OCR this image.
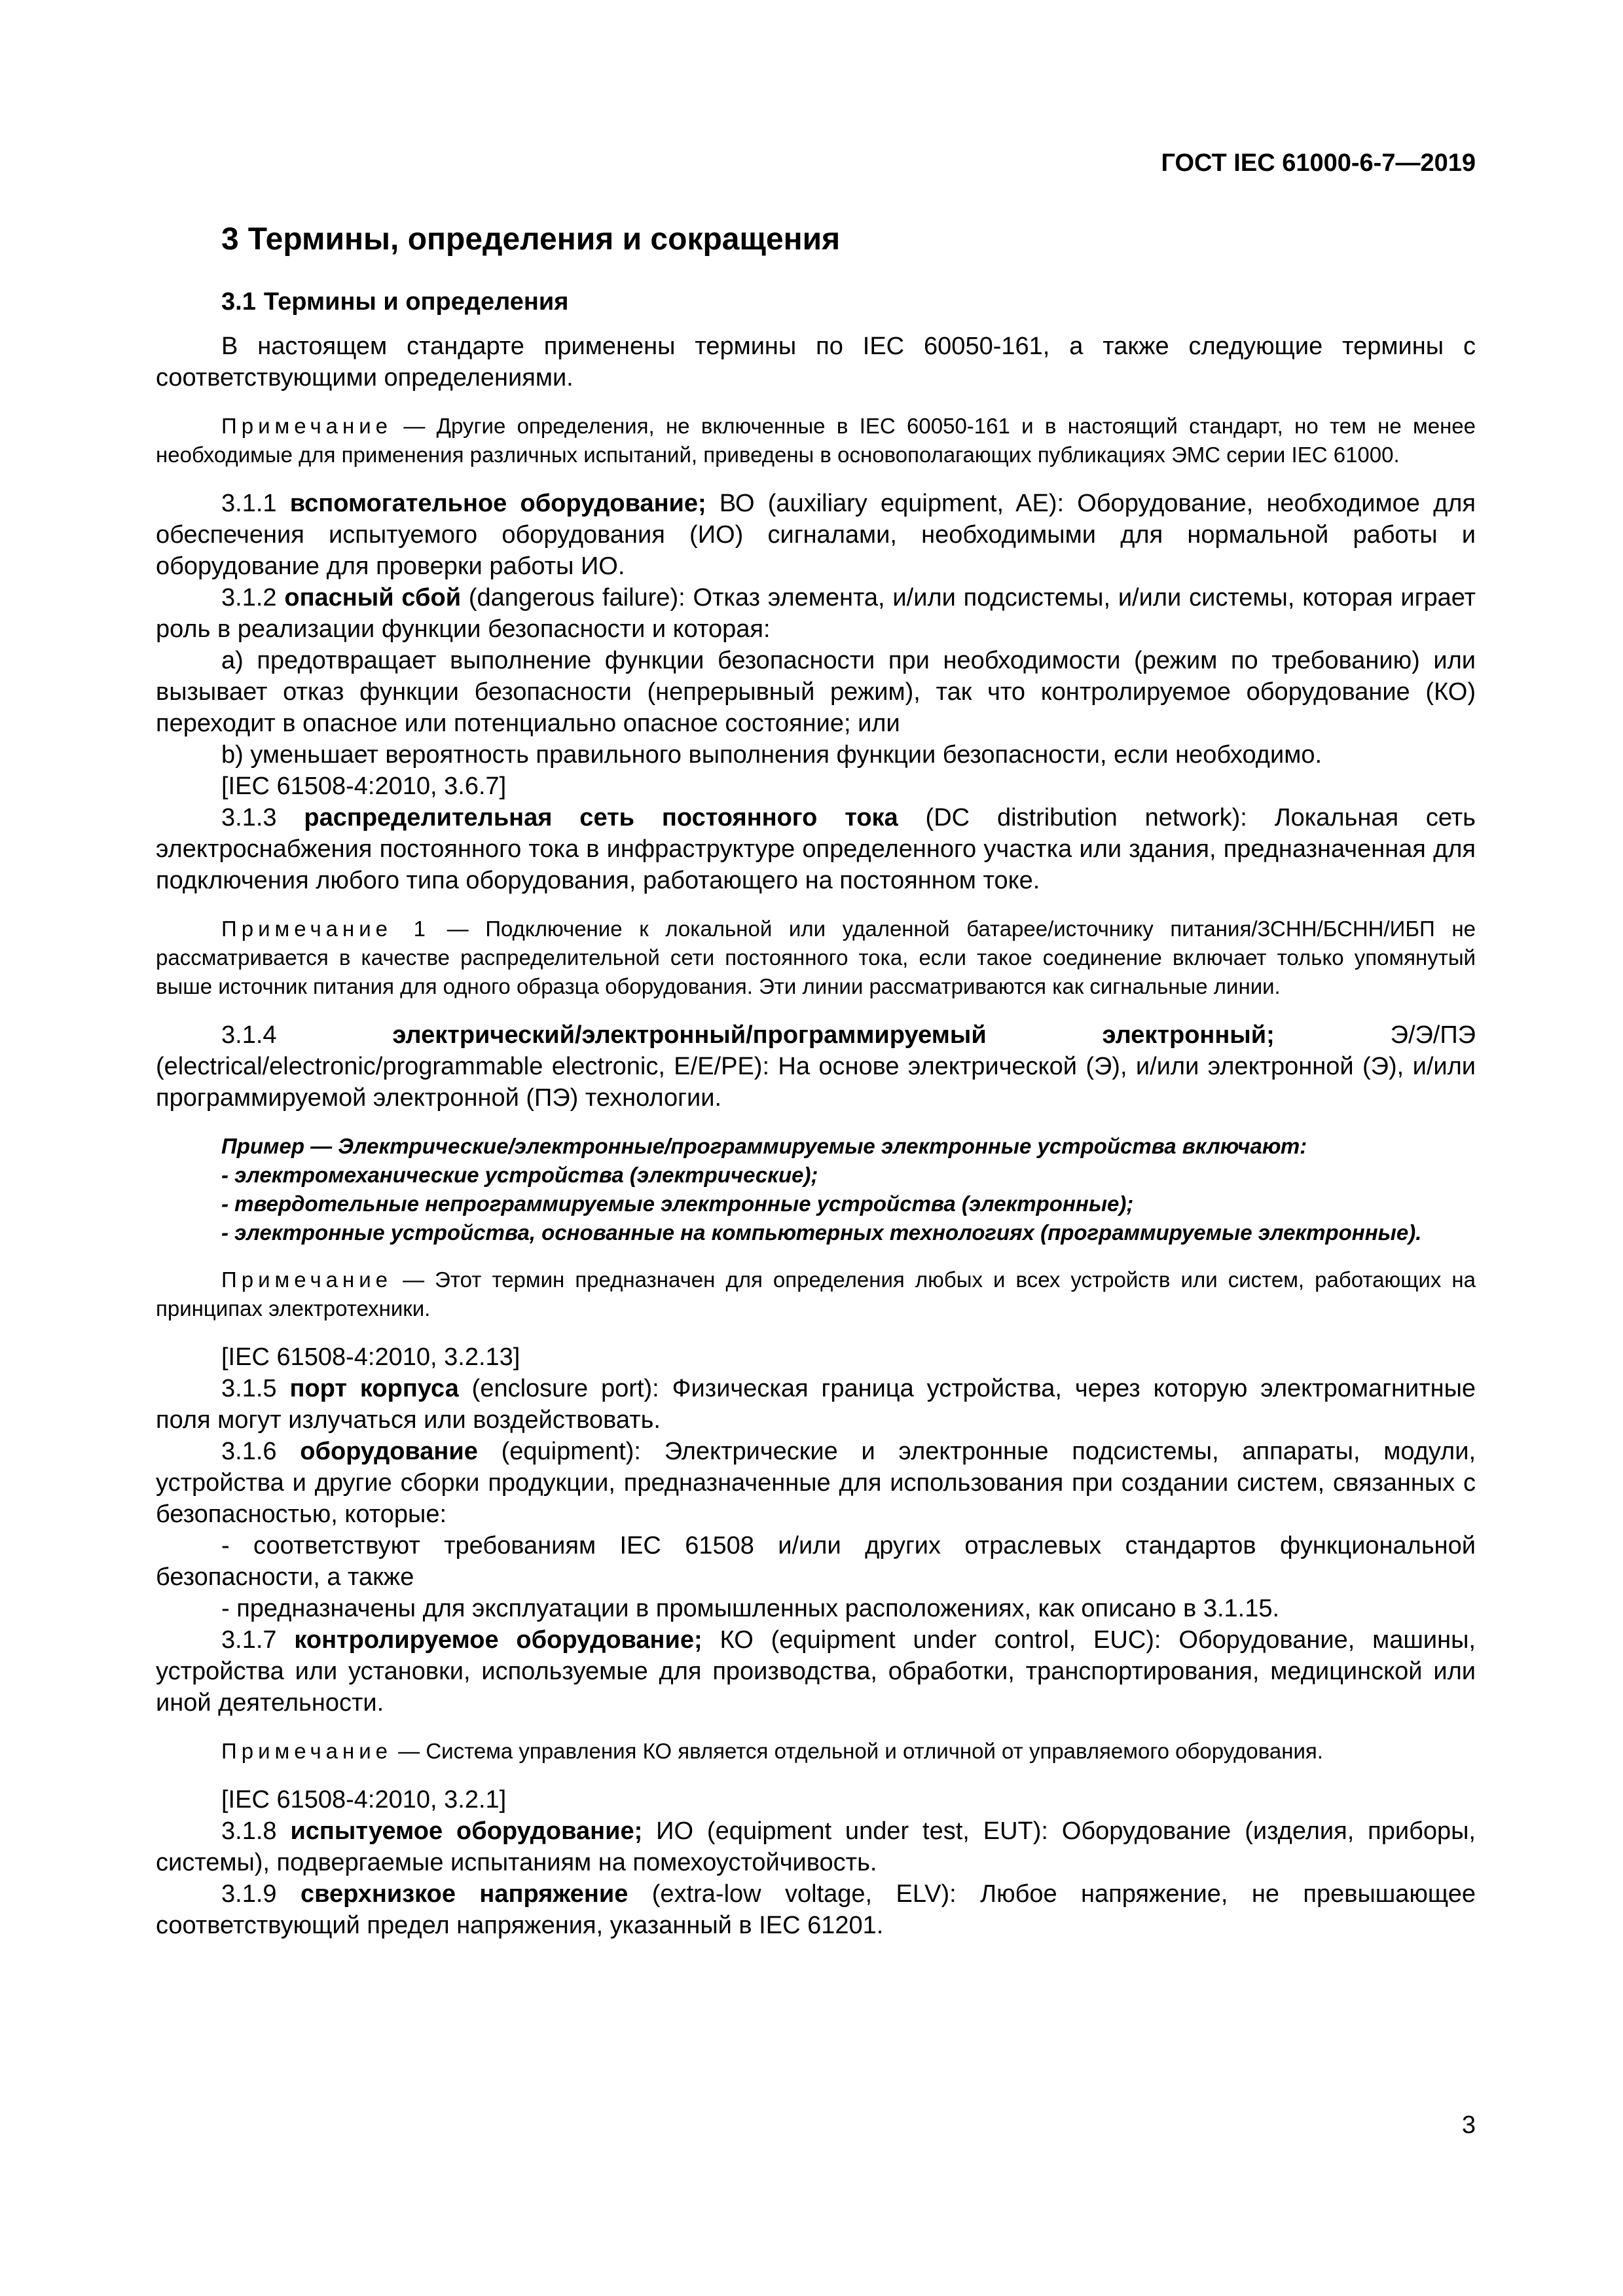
ГОСТ IEC 61000-6-7—2019
3 Термины, определения и сокращения
3.1 Термины и определения

В настоящем стандарте применены термины по IEC 60050-161, а также следующие термины с соответствующими определениями.

Примечание — Другие определения, не включенные в IEC 60050-161 и в настоящий стандарт, но тем не менее необходимые для применения различных испытаний, приведены в основополагающих публикациях ЭМС серии IEC 61000.

3.1.1 вспомогательное оборудование; ВО (auxiliary equipment, AE): Оборудование, необходимое для обеспечения испытуемого оборудования (ИО) сигналами, необходимыми для нормальной работы и оборудование для проверки работы ИО.

3.1.2 опасный сбой (dangerous failure): Отказ элемента, и/или подсистемы, и/или системы, которая играет роль в реализации функции безопасности и которая:

a) предотвращает выполнение функции безопасности при необходимости (режим по требованию) или вызывает отказ функции безопасности (непрерывный режим), так что контролируемое оборудование (КО) переходит в опасное или потенциально опасное состояние; или

b) уменьшает вероятность правильного выполнения функции безопасности, если необходимо.

[IEC 61508-4:2010, 3.6.7]

3.1.3 распределительная сеть постоянного тока (DC distribution network): Локальная сеть электроснабжения постоянного тока в инфраструктуре определенного участка или здания, предназначенная для подключения любого типа оборудования, работающего на постоянном токе.

Примечание 1 — Подключение к локальной или удаленной батарее/источнику питания/ЗСНН/БСНН/ИБП не рассматривается в качестве распределительной сети постоянного тока, если такое соединение включает только упомянутый выше источник питания для одного образца оборудования. Эти линии рассматриваются как сигнальные линии.

3.1.4	электрический/электронный/программируемый электронный; Э/Э/ПЭ (electrical/electronic/programmable electronic, E/E/PE): На основе электрической (Э), и/или электронной (Э), и/или программируемой электронной (ПЭ) технологии.

Пример — Электрические/электронные/программируемые электронные устройства включают:

- электромеханические устройства (электрические);

- твердотельные непрограммируемые электронные устройства (электронные);

- электронные устройства, основанные на компьютерных технологиях (программируемые электронные).

Примечание — Этот термин предназначен для определения любых и всех устройств или систем, работающих на принципах электротехники.

[IEC 61508-4:2010, 3.2.13]

3.1.5 порт корпуса (enclosure port): Физическая граница устройства, через которую электромагнитные поля могут излучаться или воздействовать.

3.1.6 оборудование (equipment): Электрические и электронные подсистемы, аппараты, модули, устройства и другие сборки продукции, предназначенные для использования при создании систем, связанных с безопасностью, которые:

- соответствуют требованиям IEC 61508 и/или других отраслевых стандартов функциональной безопасности, а также

- предназначены для эксплуатации в промышленных расположениях, как описано в 3.1.15.

3.1.7 контролируемое оборудование; КО (equipment under control, EUC): Оборудование, машины, устройства или установки, используемые для производства, обработки, транспортирования, медицинской или иной деятельности.

Примечание — Система управления КО является отдельной и отличной от управляемого оборудования.

[IEC 61508-4:2010, 3.2.1]

3.1.8 испытуемое оборудование; ИО (equipment under test, EUT): Оборудование (изделия, приборы, системы), подвергаемые испытаниям на помехоустойчивость.

3.1.9 сверхнизкое напряжение (extra-low voltage, ELV): Любое напряжение, не превышающее соответствующий предел напряжения, указанный в IEC 61201.

3
